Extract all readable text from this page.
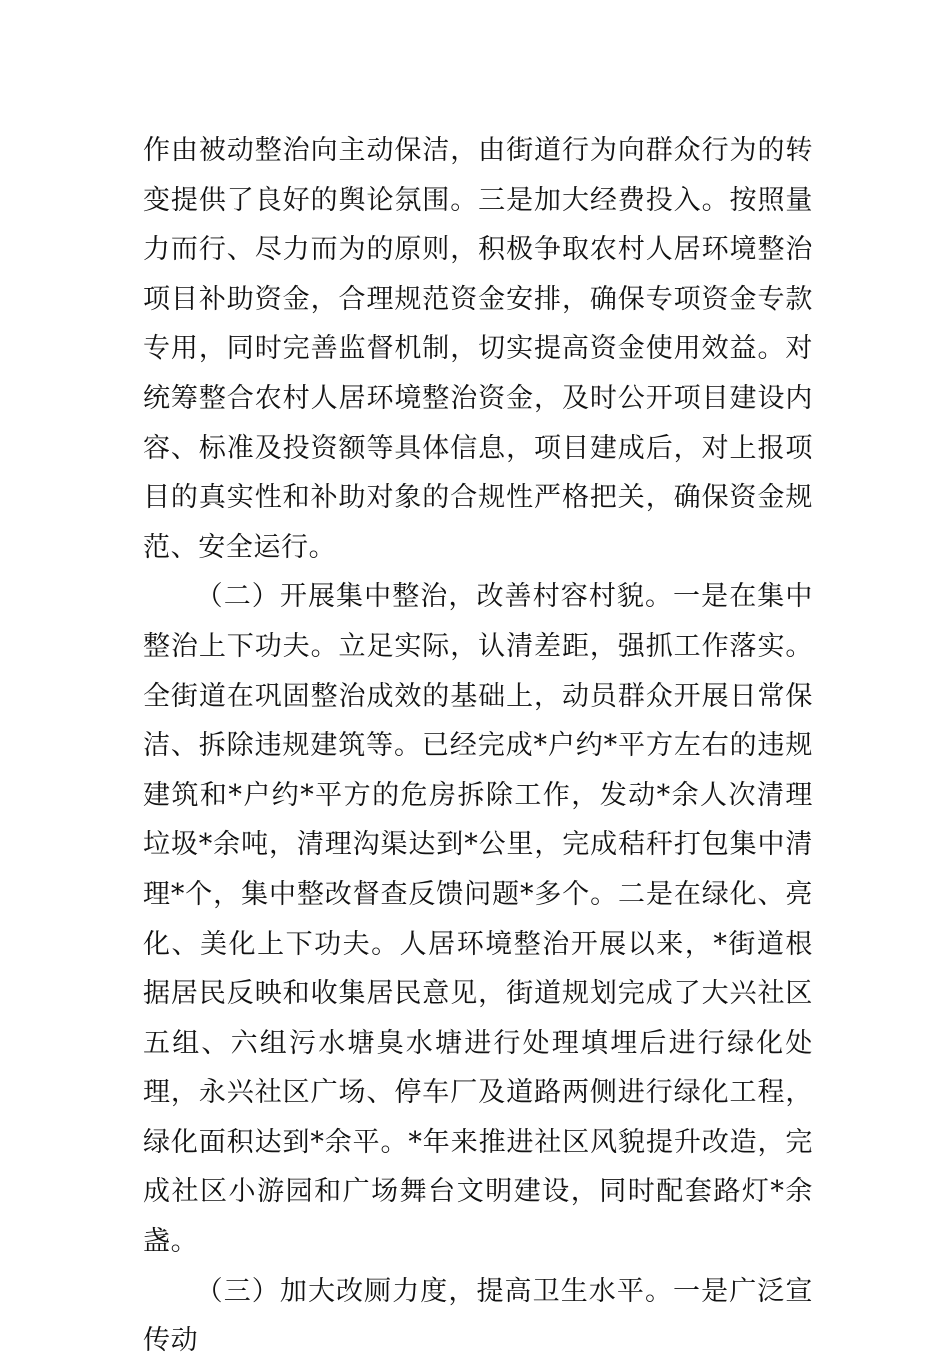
作由被动整治向主动保洁，由街道行为向群众行为的转变提供了良好的舆论氛围。三是加大经费投入。按照量力而行、尽力而为的原则，积极争取农村人居环境整治项目补助资金，合理规范资金安排，确保专项资金专款专用，同时完善监督机制，切实提高资金使用效益。对统筹整合农村人居环境整治资金，及时公开项目建设内容、标准及投资额等具体信息，项目建成后，对上报项目的真实性和补助对象的合规性严格把关，确保资金规范、安全运行。

（二）开展集中整治，改善村容村貌。一是在集中整治上下功夫。立足实际，认清差距，强抓工作落实。全街道在巩固整治成效的基础上，动员群众开展日常保洁、拆除违规建筑等。已经完成*户约*平方左右的违规建筑和*户约*平方的危房拆除工作，发动*余人次清理垃圾*余吨，清理沟渠达到*公里，完成秸秆打包集中清理*个，集中整改督查反馈问题*多个。二是在绿化、亮化、美化上下功夫。人居环境整治开展以来，*街道根据居民反映和收集居民意见，街道规划完成了大兴社区五组、六组污水塘臭水塘进行处理填埋后进行绿化处理，永兴社区广场、停车厂及道路两侧进行绿化工程，绿化面积达到*余平。*年来推进社区风貌提升改造，完成社区小游园和广场舞台文明建设，同时配套路灯*余盏。

（三）加大改厕力度，提高卫生水平。一是广泛宣传动
